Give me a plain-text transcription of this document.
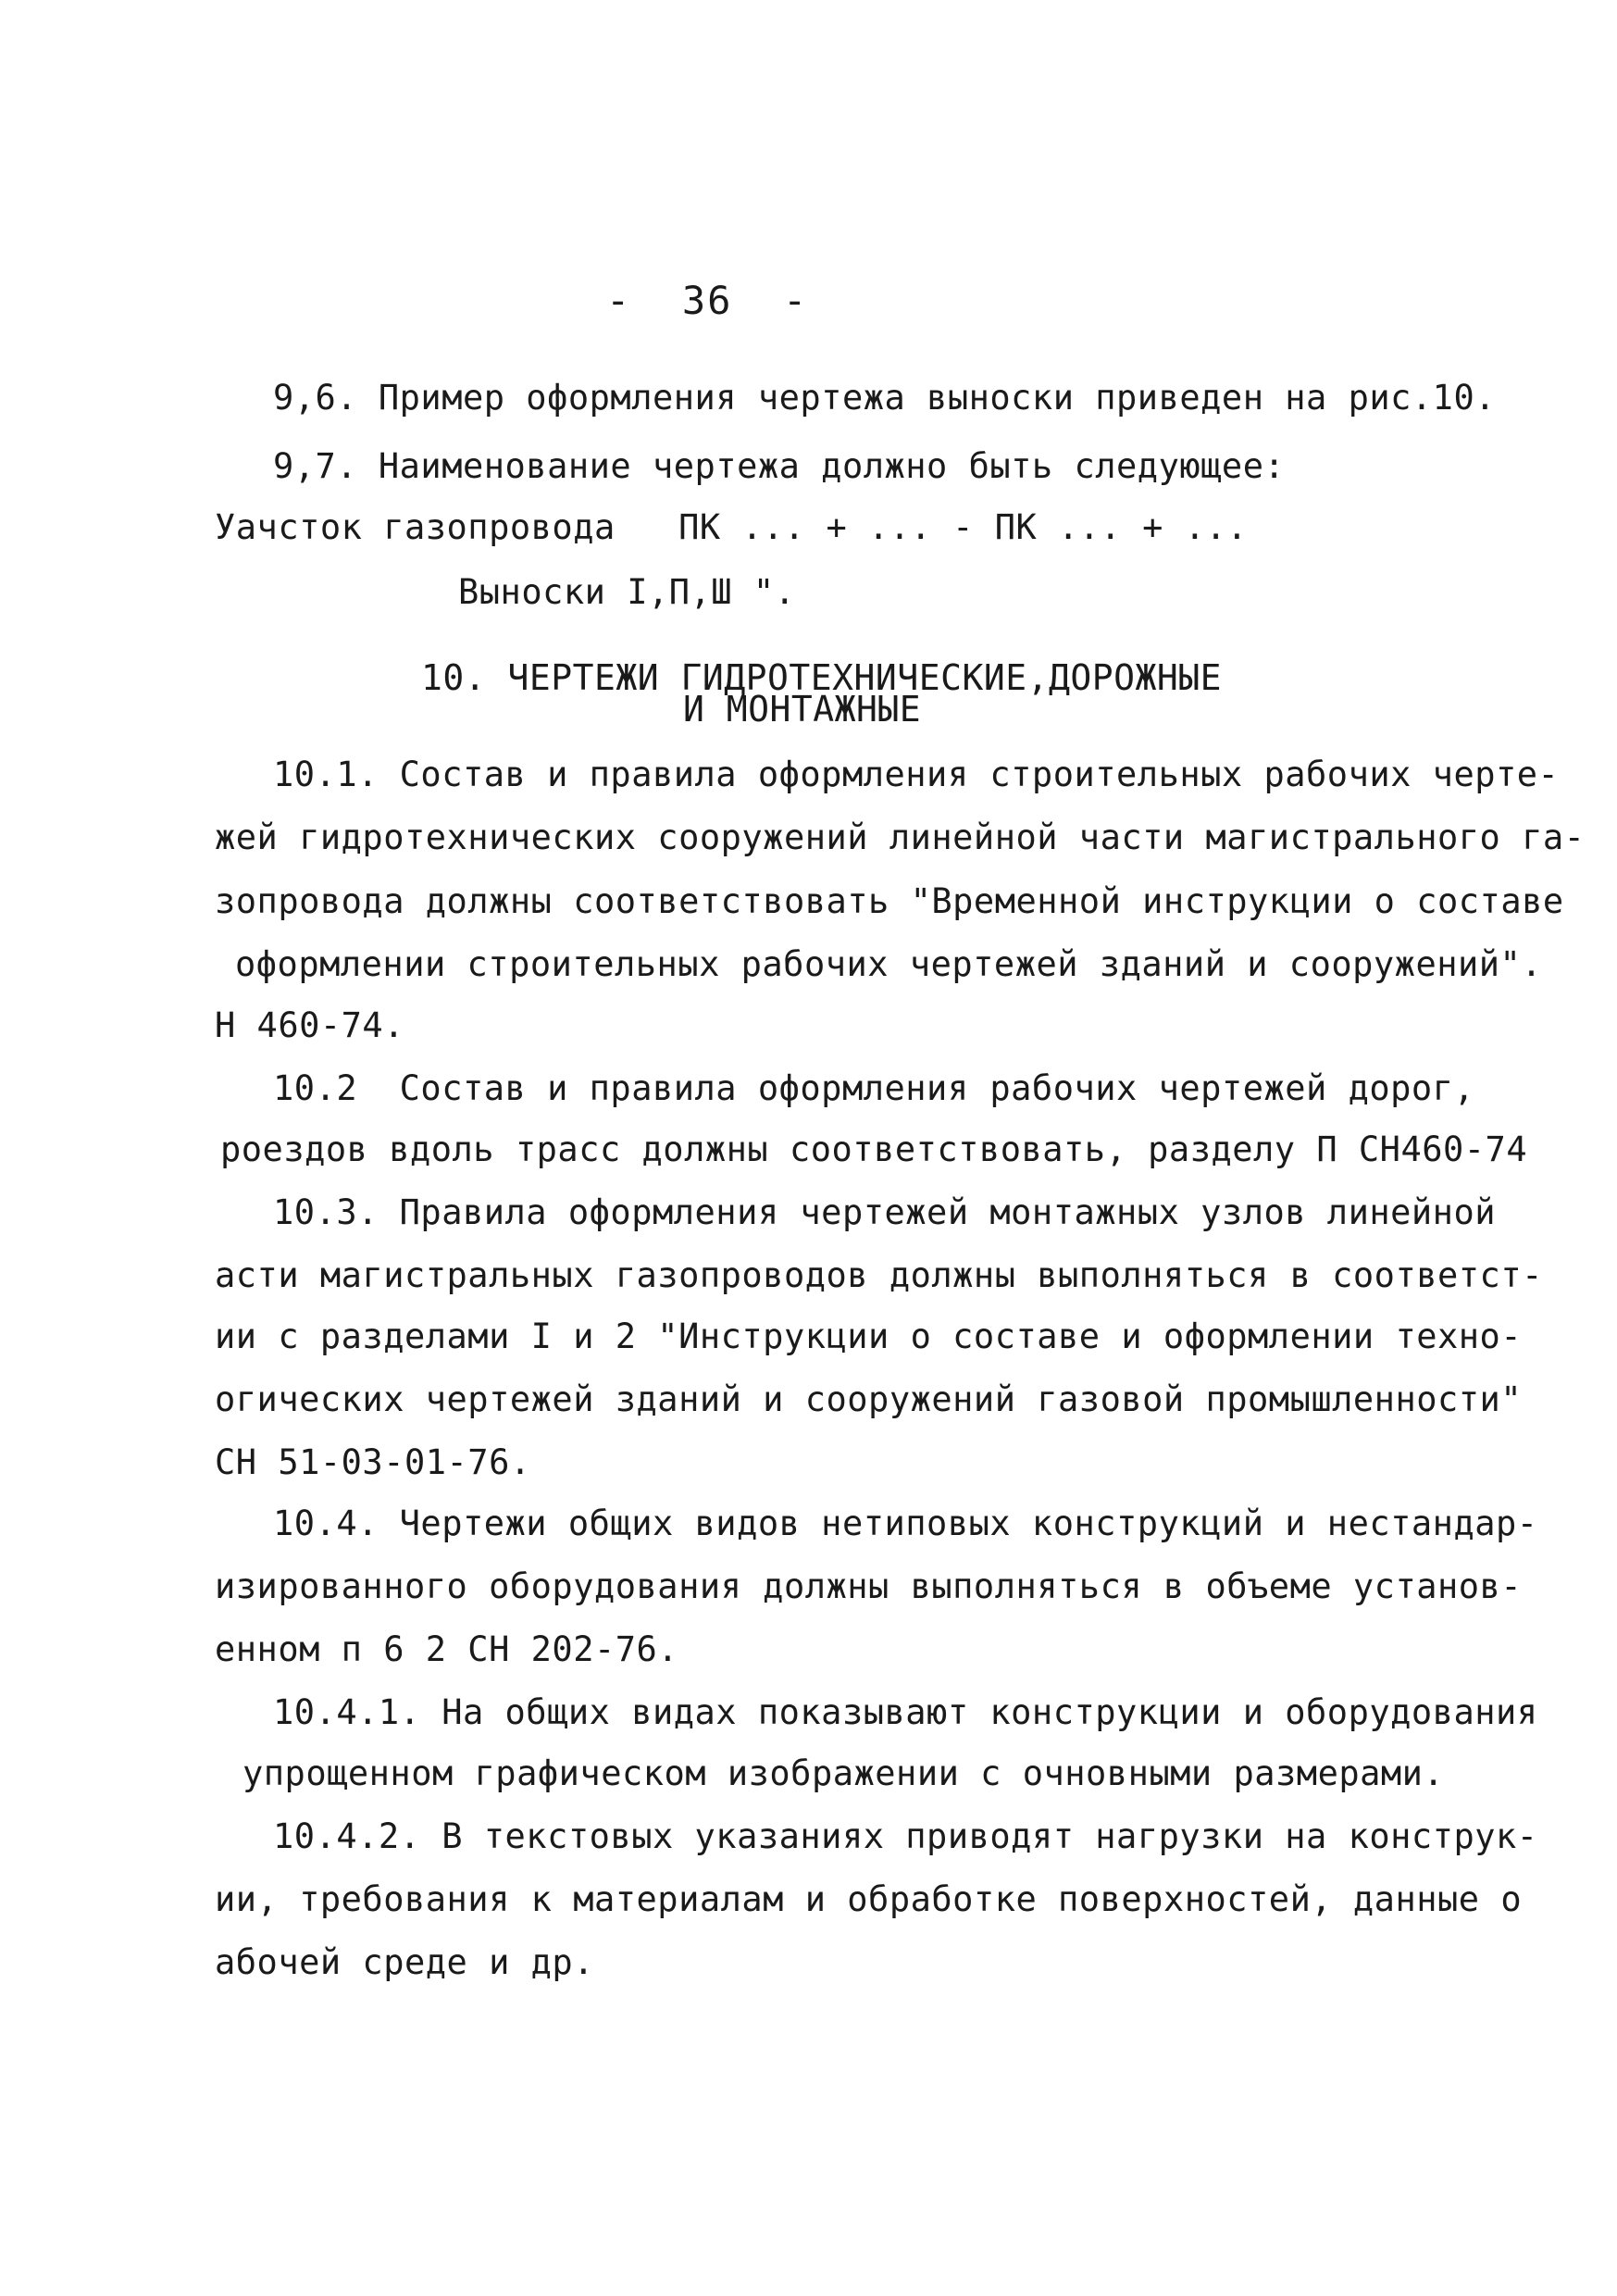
-  36  -
9,6. Пример оформления чертежа выноски приведен на рис.10.
9,7. Наименование чертежа должно быть следующее:
Уачсток газопровода   ПК ... + ... - ПК ... + ...
Выноски I,П,Ш ".
10. ЧЕРТЕЖИ ГИДРОТЕХНИЧЕСКИЕ,ДОРОЖНЫЕ
И МОНТАЖНЫЕ
10.1. Состав и правила оформления строительных рабочих черте-
жей гидротехнических сооружений линейной части магистрального га-
зопровода должны соответствовать "Временной инструкции о составе
оформлении строительных рабочих чертежей зданий и сооружений".
Н 460-74.
10.2  Состав и правила оформления рабочих чертежей дорог,
роездов вдоль трасс должны соответствовать, разделу П СН460-74
10.3. Правила оформления чертежей монтажных узлов линейной
асти магистральных газопроводов должны выполняться в соответст-
ии с разделами I и 2 "Инструкции о составе и оформлении техно-
огических чертежей зданий и сооружений газовой промышленности"
СН 51-03-01-76.
10.4. Чертежи общих видов нетиповых конструкций и нестандар-
изированного оборудования должны выполняться в объеме установ-
енном п 6 2 СН 202-76.
10.4.1. На общих видах показывают конструкции и оборудования
упрощенном графическом изображении с очновными размерами.
10.4.2. В текстовых указаниях приводят нагрузки на конструк-
ии, требования к материалам и обработке поверхностей, данные о
абочей среде и др.
